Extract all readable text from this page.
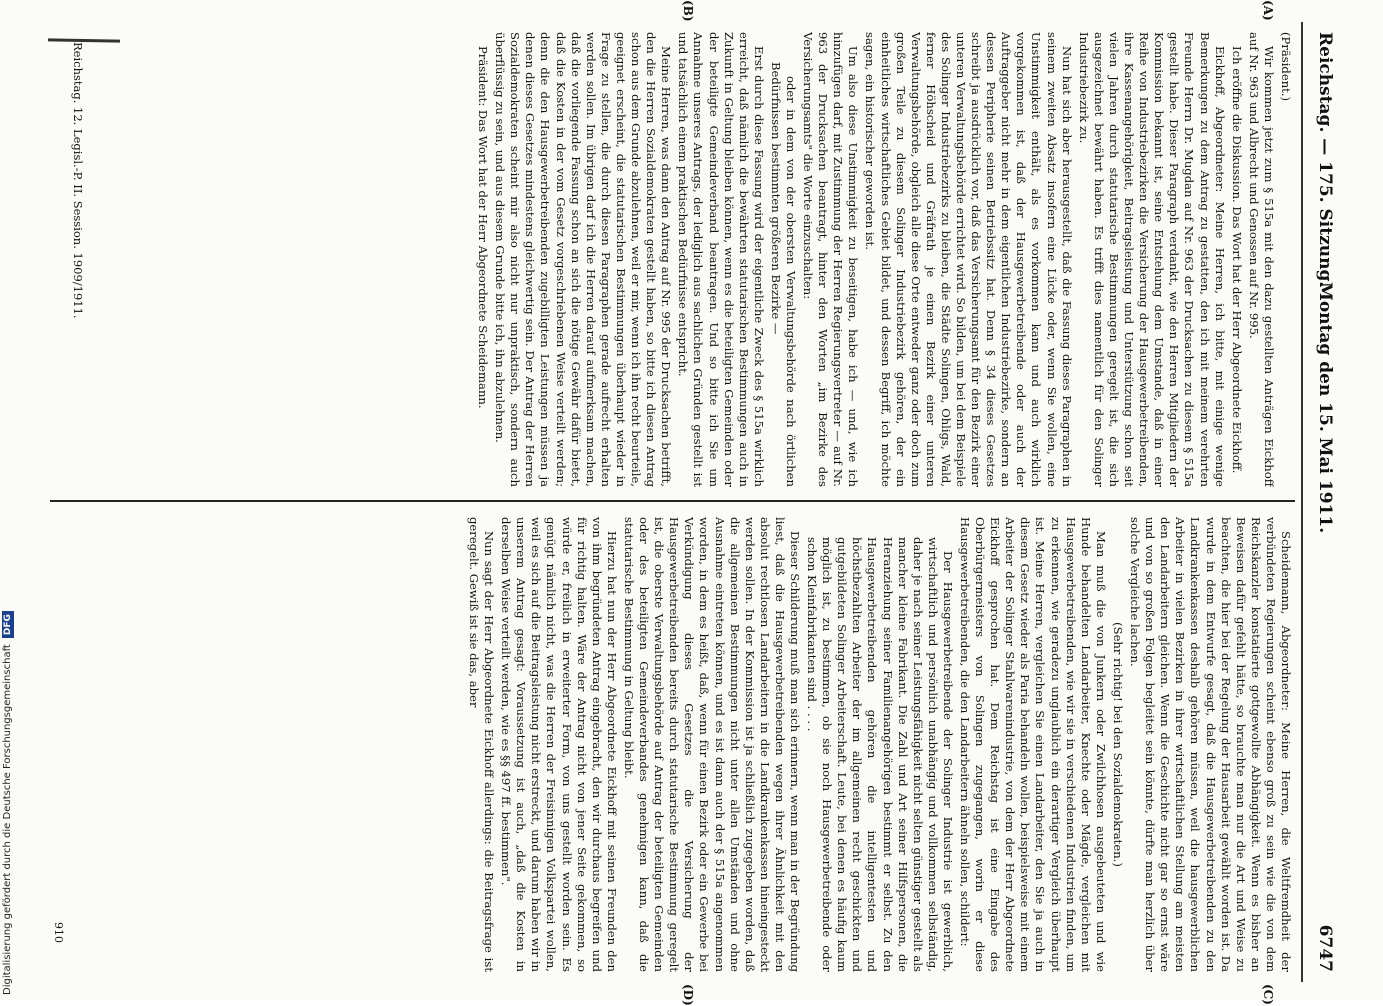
Reichstag. — 175. Sitzung.
Montag den 15. Mai 1911.
6747
(A)
(B)
(C)
(D)

(Präsident.)

Wir kommen jetzt zum § 515a mit den dazu gestellten Anträgen Eickhoff auf Nr. 963 und Albrecht und Genossen auf Nr. 995.

Ich eröffne die Diskussion. Das Wort hat der Herr Abgeordnete Eickhoff.

Eickhoff, Abgeordneter: Meine Herren, ich bitte, mit einige wenige Bemerkungen zu dem Antrag zu gestatten, den ich mit meinem verehrten Freunde Herrn Dr. Mugdan auf Nr. 963 der Drucksachen zu diesem § 515a gestellt habe. Dieser Paragraph verdankt, wie den Herren Mitgliedern der Kommission bekannt ist, seine Entstehung dem Umstande, daß in einer Reihe von Industriebezirken die Versicherung der Hausgewerbetreibenden, ihre Kassenangehörigkeit, Beitragsleistung und Unterstützung schon seit vielen Jahren durch statutarische Bestimmungen geregelt ist, die sich ausgezeichnet bewährt haben. Es trifft dies namentlich für den Solinger Industriebezirk zu.

Nun hat sich aber herausgestellt, daß die Fassung dieses Paragraphen in seinem zweiten Absatz insofern eine Lücke oder, wenn Sie wollen, eine Unstimmigkeit enthält, als es vorkommen kann und auch wirklich vorgekommen ist, daß der Hausgewerbetreibende oder auch der Auftraggeber nicht mehr in dem eigentlichen Industriebezirke, sondern an dessen Peripherie seinen Betriebssitz hat. Denn § 34 dieses Gesetzes schreibt ja ausdrücklich vor, daß das Versicherungsamt für den Bezirk einer unteren Verwaltungsbehörde errichtet wird. So bilden, um bei dem Beispiele des Solinger Industriebezirks zu bleiben, die Städte Solingen, Ohligs, Wald, ferner Höhscheid und Gräfrath je einen Bezirk einer unteren Verwaltungsbehörde, obgleich alle diese Orte entweder ganz oder doch zum großen Teile zu diesem Solinger Industriebezirk gehören, der ein einheitliches wirtschaftliches Gebiet bildet, und dessen Begriff, ich möchte sagen, ein historischer geworden ist.

Um also diese Unstimmigkeit zu beseitigen, habe ich — und, wie ich hinzufügen darf, mit Zustimmung der Herren Regierungsvertreter — auf Nr. 963 der Drucksachen beantragt, hinter den Worten „im Bezirke des Versicherungsamts" die Worte einzuschalten:

oder in dem von der obersten Verwaltungsbehörde nach örtlichen Bedürfnissen bestimmten größeren Bezirke —

Erst durch diese Fassung wird der eigentliche Zweck des § 515a wirklich erreicht, daß nämlich die bewährten statutarischen Bestimmungen auch in Zukunft in Geltung bleiben können, wenn es die beteiligten Gemeinden oder der beteiligte Gemeindeverband beantragen. Und so bitte ich Sie um Annahme unseres Antrags, der lediglich aus sachlichen Gründen gestellt ist und tatsächlich einem praktischen Bedürfnisse entspricht.

Meine Herren, was dann den Antrag auf Nr. 995 der Drucksachen betrifft, den die Herren Sozialdemokraten gestellt haben, so bitte ich diesen Antrag schon aus dem Grunde abzulehnen, weil er mir, wenn ich ihn recht beurteile, geeignet erscheint, die statutarischen Bestimmungen überhaupt wieder in Frage zu stellen, die durch diesen Paragraphen gerade aufrecht erhalten werden sollen. Im übrigen darf ich die Herren darauf aufmerksam machen, daß die vorliegende Fassung schon an sich die nötige Gewähr dafür bietet, daß die Kosten in der vom Gesetz vorgeschriebenen Weise verteilt werden; denn die den Hausgewerbetreibenden zugebilligten Leistungen müssen ja denen dieses Gesetzes mindestens gleichwertig sein. Der Antrag der Herren Sozialdemokraten scheint mir also nicht nur unpraktisch, sondern auch überflüssig zu sein, und aus diesem Grunde bitte ich, ihn abzulehnen.

Präsident: Das Wort hat der Herr Abgeordnete Scheidemann.

Scheidemann, Abgeordneter: Meine Herren, die Weltfremdheit der verbündeten Regierungen scheint ebenso groß zu sein wie die von dem Reichskanzler konstatierte gottgewollte Abhängigkeit. Wenn es bisher an Beweisen dafür gefehlt hätte, so brauchte man nur die Art und Weise zu beachten, die hier bei der Regelung der Hausarbeit gewählt worden ist. Da wurde in dem Entwurfe gesagt, daß die Hausgewerbetreibenden zu den Landkrankenkassen deshalb gehören müssen, weil die hausgewerblichen Arbeiter in vielen Bezirken in ihrer wirtschaftlichen Stellung am meisten den Landarbeitern gleichen. Wenn die Geschichte nicht gar so ernst wäre und von so großen Folgen begleitet sein könnte, dürfte man herzlich über solche Vergleiche lachen.

(Sehr richtig! bei den Sozialdemokraten.)

Man muß die von Junkern oder Zwilchhosen ausgebeuteten und wie Hunde behandelten Landarbeiter, Knechte oder Mägde, vergleichen mit Hausgewerbetreibenden, wie wir sie in verschiedenen Industrien finden, um zu erkennen, wie geradezu unglaublich ein derartiger Vergleich überhaupt ist. Meine Herren, vergleichen Sie einen Landarbeiter, den Sie ja auch in diesem Gesetz wieder als Paria behandeln wollen, beispielsweise mit einem Arbeiter der Solinger Stahlwarenindustrie, von dem der Herr Abgeordnete Eickhoff gesprochen hat. Dem Reichstag ist eine Eingabe des Oberbürgermeisters von Solingen zugegangen, worin er diese Hausgewerbetreibenden, die den Landarbeitern ähneln sollen, schildert:

Der Hausgewerbetreibende der Solinger Industrie ist gewerblich, wirtschaftlich und persönlich unabhängig und vollkommen selbständig, daher je nach seiner Leistungsfähigkeit nicht selten günstiger gestellt als mancher kleine Fabrikant. Die Zahl und Art seiner Hilfspersonen, die Heranziehung seiner Familienangehörigen bestimmt er selbst. Zu den Hausgewerbetreibenden gehören die intelligentesten und höchstbezahlten Arbeiter der im allgemeinen recht geschickten und gutgebildeten Solinger Arbeiterschaft. Leute, bei denen es häufig kaum möglich ist, zu bestimmen, ob sie noch Hausgewerbetreibende oder schon Kleinfabrikanten sind . . . .

Dieser Schilderung muß man sich erinnern, wenn man in der Begründung liest, daß die Hausgewerbetreibenden wegen ihrer Ähnlichkeit mit den absolut rechtlosen Landarbeitern in die Landkrankenkassen hineingesteckt werden sollen. In der Kommission ist ja schließlich zugegeben worden, daß die allgemeinen Bestimmungen nicht unter allen Umständen und ohne Ausnahme eintreten können, und es ist dann auch der § 515a angenommen worden, in dem es heißt, daß, wenn für einen Bezirk oder ein Gewerbe bei Verkündigung dieses Gesetzes die Versicherung der Hausgewerbetreibenden bereits durch statutarische Bestimmung geregelt ist, die oberste Verwaltungsbehörde auf Antrag der beteiligten Gemeinden oder des beteiligten Gemeindeverbandes genehmigen kann, daß die statutarische Bestimmung in Geltung bleibt.

Hierzu hat nun der Herr Abgeordnete Eickhoff mit seinen Freunden den von ihm begründeten Antrag eingebracht, den wir durchaus begreifen und für richtig halten. Wäre der Antrag nicht von jener Seite gekommen, so würde er, freilich in erweiterter Form, von uns gestellt worden sein. Es genügt nämlich nicht, was die Herren der Freisinnigen Volkspartei wollen, weil es sich auf die Beitragsleistung nicht erstreckt, und darum haben wir in unserem Antrag gesagt: Voraussetzung ist auch, „daß die Kosten in derselben Weise verteilt werden, wie es §§ 497 ff. bestimmen".

Nun sagt der Herr Abgeordnete Eickhoff allerdings: die Beitragsfrage ist geregelt. Gewiß ist sie das, aber

Reichstag. 12. Legisl.-P. II. Session. 1909/1911.
910
Digitalisierung gefördert durch die Deutsche ForschungsgemeinschaftDFG
